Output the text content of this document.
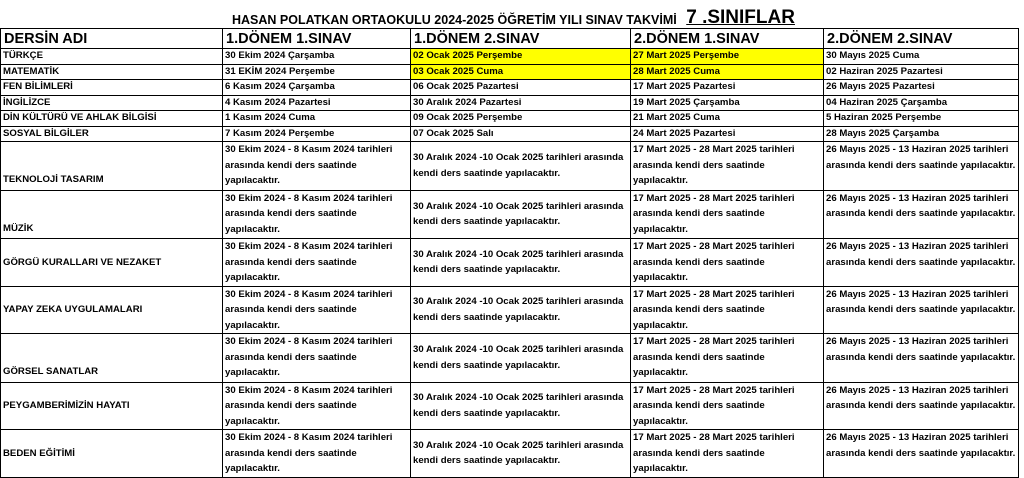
HASAN POLATKAN ORTAOKULU 2024-2025 ÖĞRETİM YILI SINAV TAKVİMİ 7 .SINIFLAR
DERSİN ADI	1.DÖNEM 1.SINAV	1.DÖNEM 2.SINAV	2.DÖNEM 1.SINAV	2.DÖNEM 2.SINAV
TÜRKÇE	30 Ekim 2024 Çarşamba	02 Ocak 2025 Perşembe	27 Mart 2025 Perşembe	30 Mayıs 2025 Cuma
MATEMATİK	31 EKİM 2024 Perşembe	03 Ocak 2025 Cuma	28 Mart 2025 Cuma	02 Haziran 2025 Pazartesi
FEN BİLİMLERİ	6 Kasım 2024 Çarşamba	06 Ocak 2025 Pazartesi	17 Mart 2025 Pazartesi	26 Mayıs 2025 Pazartesi
İNGİLİZCE	4 Kasım 2024 Pazartesi	30 Aralık 2024 Pazartesi	19 Mart 2025 Çarşamba	04 Haziran 2025 Çarşamba
DİN KÜLTÜRÜ VE AHLAK BİLGİSİ	1 Kasım 2024 Cuma	09 Ocak 2025 Perşembe	21 Mart 2025 Cuma	5 Haziran 2025 Perşembe
SOSYAL BİLGİLER	7 Kasım 2024 Perşembe	07 Ocak 2025 Salı	24 Mart 2025 Pazartesi	28 Mayıs 2025 Çarşamba
TEKNOLOJİ TASARIM	30 Ekim 2024 - 8 Kasım 2024 tarihleri arasında kendi ders saatinde yapılacaktır.	30 Aralık 2024 -10 Ocak 2025 tarihleri arasında kendi ders saatinde yapılacaktır.	17 Mart 2025 - 28 Mart 2025 tarihleri arasında kendi ders saatinde yapılacaktır.	26 Mayıs 2025 - 13 Haziran 2025 tarihleri arasında kendi ders saatinde yapılacaktır.
MÜZİK	30 Ekim 2024 - 8 Kasım 2024 tarihleri arasında kendi ders saatinde yapılacaktır.	30 Aralık 2024 -10 Ocak 2025 tarihleri arasında kendi ders saatinde yapılacaktır.	17 Mart 2025 - 28 Mart 2025 tarihleri arasında kendi ders saatinde yapılacaktır.	26 Mayıs 2025 - 13 Haziran 2025 tarihleri arasında kendi ders saatinde yapılacaktır.
GÖRGÜ KURALLARI VE NEZAKET	30 Ekim 2024 - 8 Kasım 2024 tarihleri arasında kendi ders saatinde yapılacaktır.	30 Aralık 2024 -10 Ocak 2025 tarihleri arasında kendi ders saatinde yapılacaktır.	17 Mart 2025 - 28 Mart 2025 tarihleri arasında kendi ders saatinde yapılacaktır.	26 Mayıs 2025 - 13 Haziran 2025 tarihleri arasında kendi ders saatinde yapılacaktır.
YAPAY ZEKA UYGULAMALARI	30 Ekim 2024 - 8 Kasım 2024 tarihleri arasında kendi ders saatinde yapılacaktır.	30 Aralık 2024 -10 Ocak 2025 tarihleri arasında kendi ders saatinde yapılacaktır.	17 Mart 2025 - 28 Mart 2025 tarihleri arasında kendi ders saatinde yapılacaktır.	26 Mayıs 2025 - 13 Haziran 2025 tarihleri arasında kendi ders saatinde yapılacaktır.
GÖRSEL SANATLAR	30 Ekim 2024 - 8 Kasım 2024 tarihleri arasında kendi ders saatinde yapılacaktır.	30 Aralık 2024 -10 Ocak 2025 tarihleri arasında kendi ders saatinde yapılacaktır.	17 Mart 2025 - 28 Mart 2025 tarihleri arasında kendi ders saatinde yapılacaktır.	26 Mayıs 2025 - 13 Haziran 2025 tarihleri arasında kendi ders saatinde yapılacaktır.
PEYGAMBERİMİZİN HAYATI	30 Ekim 2024 - 8 Kasım 2024 tarihleri arasında kendi ders saatinde yapılacaktır.	30 Aralık 2024 -10 Ocak 2025 tarihleri arasında kendi ders saatinde yapılacaktır.	17 Mart 2025 - 28 Mart 2025 tarihleri arasında kendi ders saatinde yapılacaktır.	26 Mayıs 2025 - 13 Haziran 2025 tarihleri arasında kendi ders saatinde yapılacaktır.
BEDEN EĞİTİMİ	30 Ekim 2024 - 8 Kasım 2024 tarihleri arasında kendi ders saatinde yapılacaktır.	30 Aralık 2024 -10 Ocak 2025 tarihleri arasında kendi ders saatinde yapılacaktır.	17 Mart 2025 - 28 Mart 2025 tarihleri arasında kendi ders saatinde yapılacaktır.	26 Mayıs 2025 - 13 Haziran 2025 tarihleri arasında kendi ders saatinde yapılacaktır.
